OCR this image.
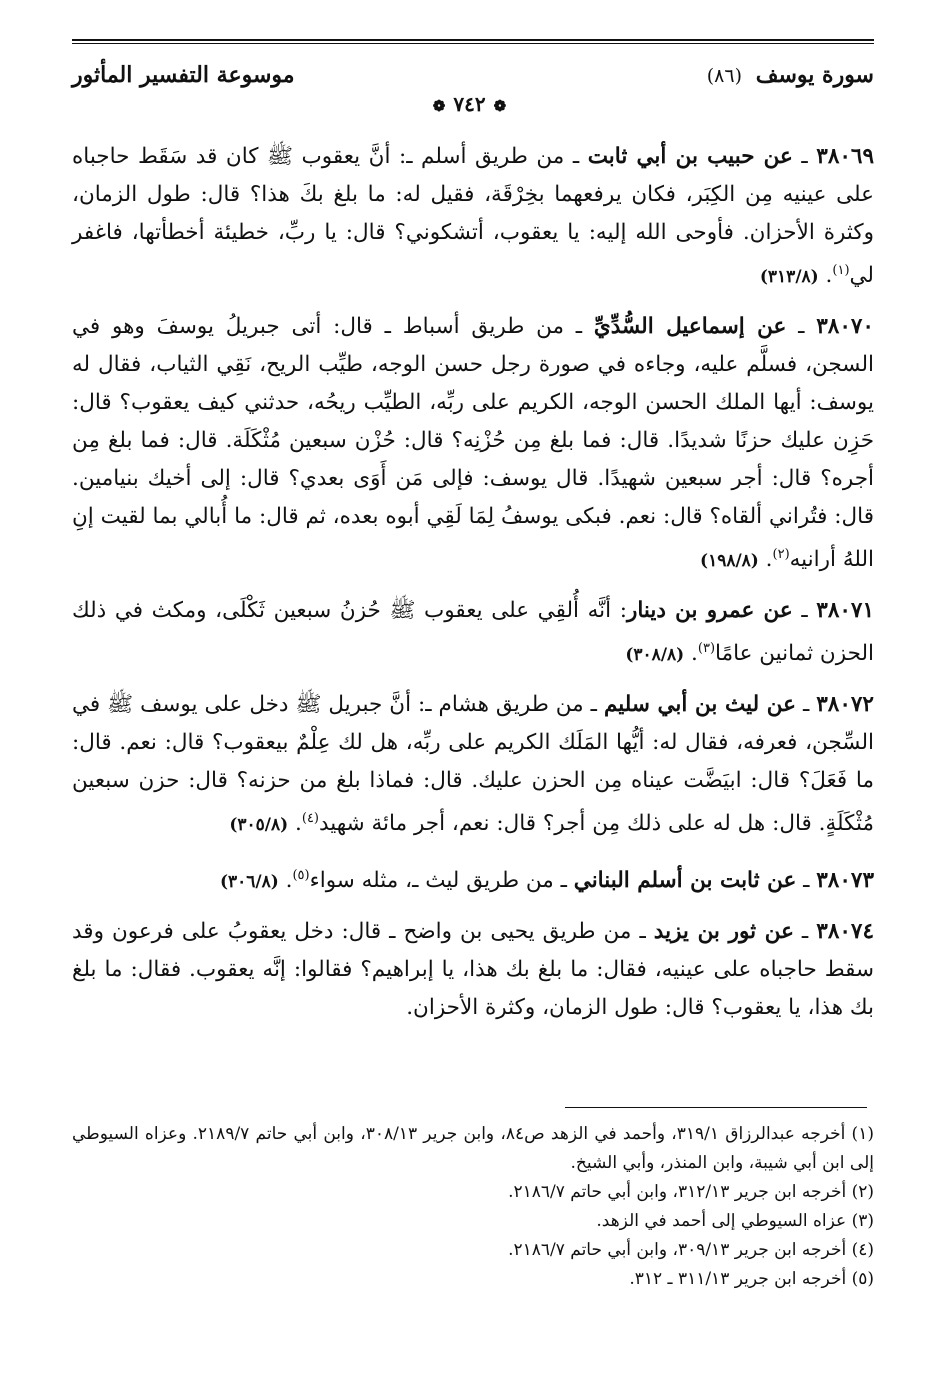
سورة يوسف (٨٦)
موسوعة التفسير المأثور
❁٧٤٢❁

٣٨٠٦٩ ـ عن حبيب بن أبي ثابت ـ من طريق أسلم ـ: أنَّ يعقوب ﷺ كان قد سَقَط حاجباه على عينيه مِن الكِبَر، فكان يرفعهما بخِرْقَة، فقيل له: ما بلغ بكَ هذا؟ قال: طول الزمان، وكثرة الأحزان. فأوحى الله إليه: يا يعقوب، أتشكوني؟ قال: يا ربِّ، خطيئة أخطأتها، فاغفر لي$^{(١)}$. (٣١٣/٨)

٣٨٠٧٠ ـ عن إسماعيل السُّدِّيِّ ـ من طريق أسباط ـ قال: أتى جبريلُ يوسفَ وهو في السجن، فسلَّم عليه، وجاءه في صورة رجل حسن الوجه، طيِّب الريح، نَقِي الثياب، فقال له يوسف: أيها الملك الحسن الوجه، الكريم على ربِّه، الطيِّب ريحُه، حدثني كيف يعقوب؟ قال: حَزِن عليك حزنًا شديدًا. قال: فما بلغ مِن حُزْنِه؟ قال: حُزْن سبعين مُثْكَلَة. قال: فما بلغ مِن أجره؟ قال: أجر سبعين شهيدًا. قال يوسف: فإلى مَن أَوَى بعدي؟ قال: إلى أخيك بنيامين. قال: فتُراني ألقاه؟ قال: نعم. فبكى يوسفُ لِمَا لَقِي أبوه بعده، ثم قال: ما أُبالي بما لقيت إنِ اللهُ أرانيه$^{(٢)}$. (١٩٨/٨)

٣٨٠٧١ ـ عن عمرو بن دينار: أنَّه أُلقِي على يعقوب ﷺ حُزنُ سبعين ثَكْلَى، ومكث في ذلك الحزن ثمانين عامًا$^{(٣)}$. (٣٠٨/٨)

٣٨٠٧٢ ـ عن ليث بن أبي سليم ـ من طريق هشام ـ: أنَّ جبريل ﷺ دخل على يوسف ﷺ في السِّجن، فعرفه، فقال له: أيُّها المَلَك الكريم على ربِّه، هل لك عِلْمٌ بيعقوب؟ قال: نعم. قال: ما فَعَلَ؟ قال: ابيَضَّت عيناه مِن الحزن عليك. قال: فماذا بلغ من حزنه؟ قال: حزن سبعين مُثْكَلَةٍ. قال: هل له على ذلك مِن أجر؟ قال: نعم، أجر مائة شهيد$^{(٤)}$. (٣٠٥/٨)

٣٨٠٧٣ ـ عن ثابت بن أسلم البناني ـ من طريق ليث ـ، مثله سواء$^{(٥)}$. (٣٠٦/٨)

٣٨٠٧٤ ـ عن ثور بن يزيد ـ من طريق يحيى بن واضح ـ قال: دخل يعقوبُ على فرعون وقد سقط حاجباه على عينيه، فقال: ما بلغ بك هذا، يا إبراهيم؟ فقالوا: إنَّه يعقوب. فقال: ما بلغ بك هذا، يا يعقوب؟ قال: طول الزمان، وكثرة الأحزان.

(١) أخرجه عبدالرزاق ٣١٩/١، وأحمد في الزهد ص٨٤، وابن جرير ٣٠٨/١٣، وابن أبي حاتم ٢١٨٩/٧. وعزاه السيوطي إلى ابن أبي شيبة، وابن المنذر، وأبي الشيخ.

(٢) أخرجه ابن جرير ٣١٢/١٣، وابن أبي حاتم ٢١٨٦/٧.

(٣) عزاه السيوطي إلى أحمد في الزهد.

(٤) أخرجه ابن جرير ٣٠٩/١٣، وابن أبي حاتم ٢١٨٦/٧.

(٥) أخرجه ابن جرير ٣١١/١٣ ـ ٣١٢.
